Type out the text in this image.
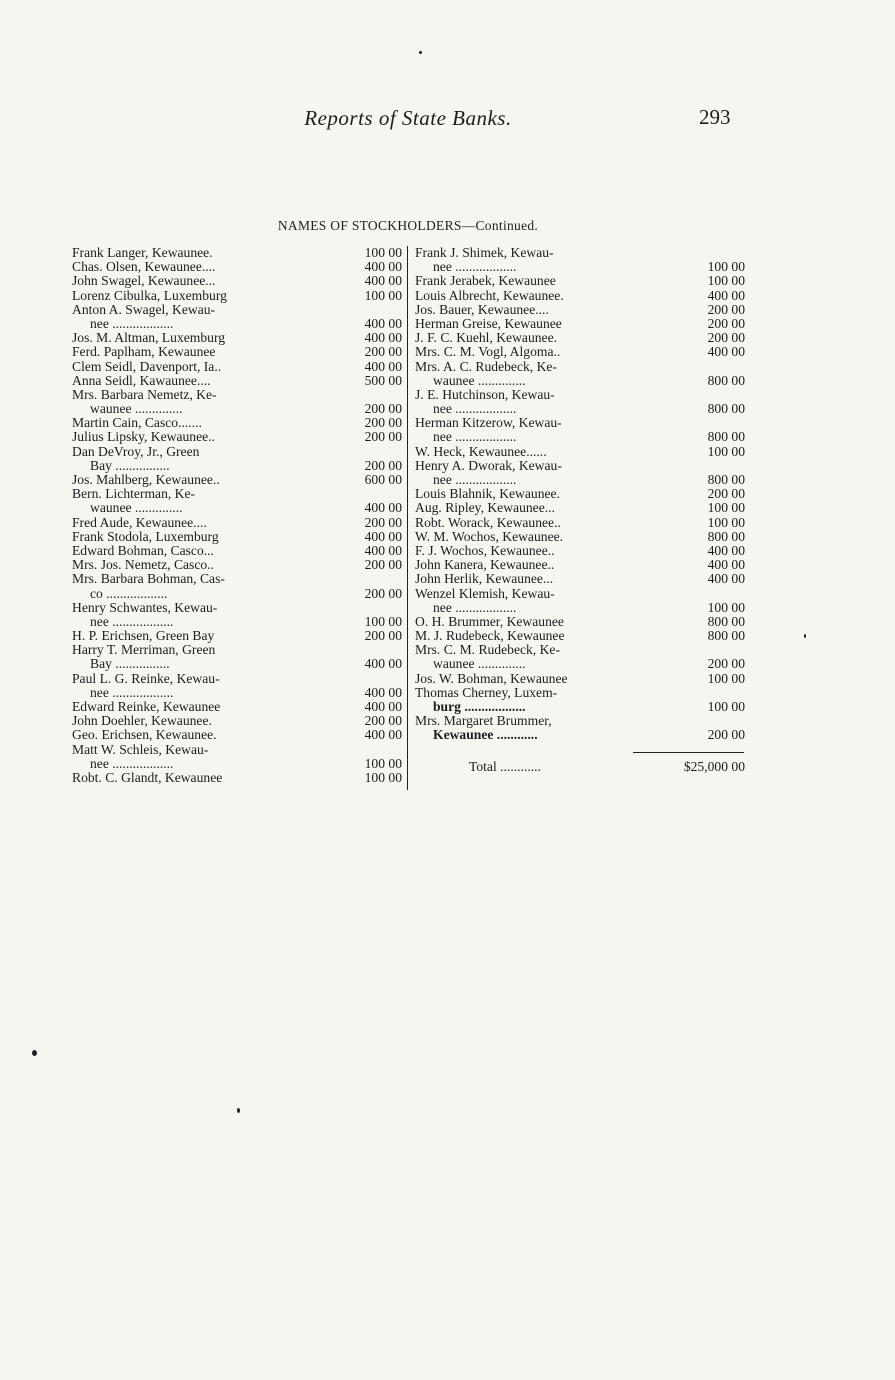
Reports of State Banks.	293
NAMES OF STOCKHOLDERS—Continued.
Frank Langer, Kewaunee.	100 00
Chas. Olsen, Kewaunee....	400 00
John Swagel, Kewaunee...	400 00
Lorenz Cibulka, Luxemburg	100 00
Anton A. Swagel, Kewau-
nee ..................	400 00
Jos. M. Altman, Luxemburg	400 00
Ferd. Paplham, Kewaunee	200 00
Clem Seidl, Davenport, Ia..	400 00
Anna Seidl, Kawaunee....	500 00
Mrs. Barbara Nemetz, Ke-
waunee ..............	200 00
Martin Cain, Casco.......	200 00
Julius Lipsky, Kewaunee..	200 00
Dan DeVroy, Jr., Green
Bay ................	200 00
Jos. Mahlberg, Kewaunee..	600 00
Bern. Lichterman, Ke-
waunee ..............	400 00
Fred Aude, Kewaunee....	200 00
Frank Stodola, Luxemburg	400 00
Edward Bohman, Casco...	400 00
Mrs. Jos. Nemetz, Casco..	200 00
Mrs. Barbara Bohman, Cas-
co ..................	200 00
Henry Schwantes, Kewau-
nee ..................	100 00
H. P. Erichsen, Green Bay	200 00
Harry T. Merriman, Green
Bay ................	400 00
Paul L. G. Reinke, Kewau-
nee ..................	400 00
Edward Reinke, Kewaunee	400 00
John Doehler, Kewaunee.	200 00
Geo. Erichsen, Kewaunee.	400 00
Matt W. Schleis, Kewau-
nee ..................	100 00
Robt. C. Glandt, Kewaunee	100 00
Frank J. Shimek, Kewau-
nee ..................	100 00
Frank Jerabek, Kewaunee	100 00
Louis Albrecht, Kewaunee.	400 00
Jos. Bauer, Kewaunee....	200 00
Herman Greise, Kewaunee	200 00
J. F. C. Kuehl, Kewaunee.	200 00
Mrs. C. M. Vogl, Algoma..	400 00
Mrs. A. C. Rudebeck, Ke-
waunee ..............	800 00
J. E. Hutchinson, Kewau-
nee ..................	800 00
Herman Kitzerow, Kewau-
nee ..................	800 00
W. Heck, Kewaunee......	100 00
Henry A. Dworak, Kewau-
nee ..................	800 00
Louis Blahnik, Kewaunee.	200 00
Aug. Ripley, Kewaunee...	100 00
Robt. Worack, Kewaunee..	100 00
W. M. Wochos, Kewaunee.	800 00
F. J. Wochos, Kewaunee..	400 00
John Kanera, Kewaunee..	400 00
John Herlik, Kewaunee...	400 00
Wenzel Klemish, Kewau-
nee ..................	100 00
O. H. Brummer, Kewaunee	800 00
M. J. Rudebeck, Kewaunee	800 00
Mrs. C. M. Rudebeck, Ke-
waunee ..............	200 00
Jos. W. Bohman, Kewaunee	100 00
Thomas Cherney, Luxem-
burg ..................	100 00
Mrs. Margaret Brummer,
Kewaunee ............	200 00
Total ............	$25,000 00
